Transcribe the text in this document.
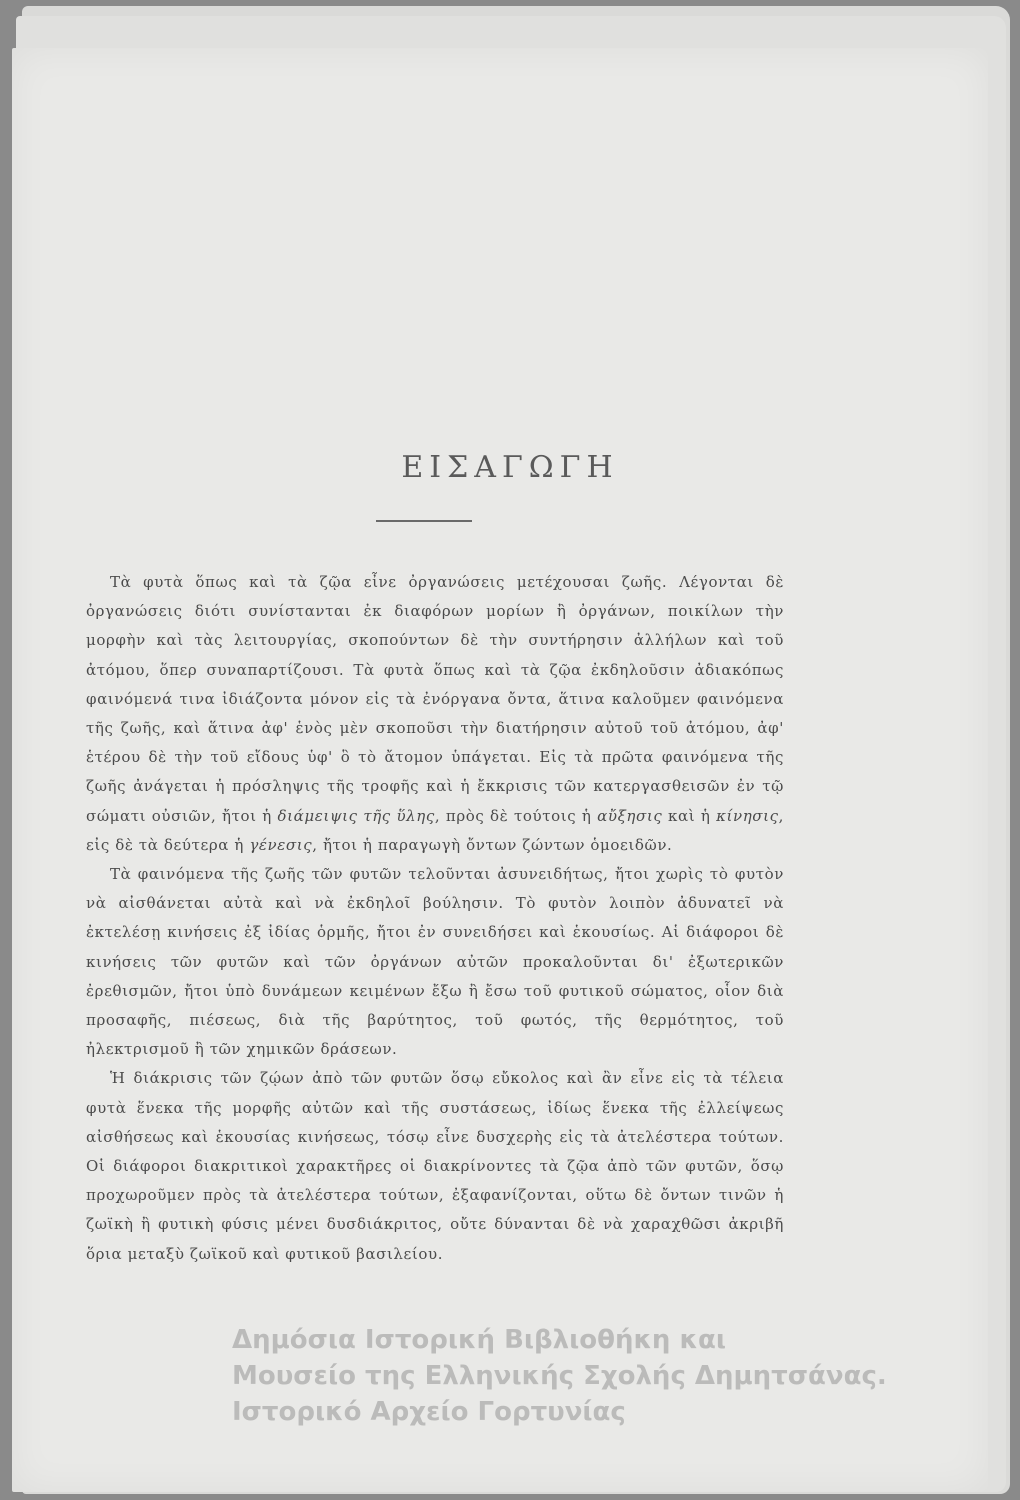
ΕΙΣΑΓΩΓΗ

Τὰ φυτὰ ὅπως καὶ τὰ ζῷα εἶνε ὀργανώσεις μετέχουσαι ζωῆς. Λέγονται δὲ ὀργανώσεις διότι συνίστανται ἐκ διαφόρων μορίων ἢ ὀργάνων, ποικίλων τὴν μορφὴν καὶ τὰς λειτουργίας, σκοπούντων δὲ τὴν συντήρησιν ἀλλήλων καὶ τοῦ ἀτόμου, ὅπερ συναπαρτίζουσι. Τὰ φυτὰ ὅπως καὶ τὰ ζῷα ἐκδηλοῦσιν ἀδιακόπως φαινόμενά τινα ἰδιάζοντα μόνον εἰς τὰ ἐνόργανα ὄντα, ἅτινα καλοῦμεν φαινόμενα τῆς ζωῆς, καὶ ἅτινα ἀφ' ἑνὸς μὲν σκοποῦσι τὴν διατήρησιν αὐτοῦ τοῦ ἀτόμου, ἀφ' ἑτέρου δὲ τὴν τοῦ εἴδους ὑφ' ὃ τὸ ἄτομον ὑπάγεται. Εἰς τὰ πρῶτα φαινόμενα τῆς ζωῆς ἀνάγεται ἡ πρόσληψις τῆς τροφῆς καὶ ἡ ἔκκρισις τῶν κατεργασθεισῶν ἐν τῷ σώματι οὐσιῶν, ἤτοι ἡ διάμειψις τῆς ὕλης, πρὸς δὲ τούτοις ἡ αὔξησις καὶ ἡ κίνησις, εἰς δὲ τὰ δεύτερα ἡ γένεσις, ἤτοι ἡ παραγωγὴ ὄντων ζώντων ὁμοειδῶν.

Τὰ φαινόμενα τῆς ζωῆς τῶν φυτῶν τελοῦνται ἀσυνειδήτως, ἤτοι χωρὶς τὸ φυτὸν νὰ αἰσθάνεται αὐτὰ καὶ νὰ ἐκδηλοῖ βούλησιν. Τὸ φυτὸν λοιπὸν ἀδυνατεῖ νὰ ἐκτελέσῃ κινήσεις ἐξ ἰδίας ὁρμῆς, ἤτοι ἐν συνειδήσει καὶ ἑκουσίως. Αἱ διάφοροι δὲ κινήσεις τῶν φυτῶν καὶ τῶν ὀργάνων αὐτῶν προκαλοῦνται δι' ἐξωτερικῶν ἐρεθισμῶν, ἤτοι ὑπὸ δυνάμεων κειμένων ἔξω ἢ ἔσω τοῦ φυτικοῦ σώματος, οἷον διὰ προσαφῆς, πιέσεως, διὰ τῆς βαρύτητος, τοῦ φωτός, τῆς θερμότητος, τοῦ ἠλεκτρισμοῦ ἢ τῶν χημικῶν δράσεων.

Ἡ διάκρισις τῶν ζῴων ἀπὸ τῶν φυτῶν ὅσῳ εὔκολος καὶ ἂν εἶνε εἰς τὰ τέλεια φυτὰ ἕνεκα τῆς μορφῆς αὐτῶν καὶ τῆς συστάσεως, ἰδίως ἕνεκα τῆς ἐλλείψεως αἰσθήσεως καὶ ἑκουσίας κινήσεως, τόσῳ εἶνε δυσχερὴς εἰς τὰ ἀτελέστερα τούτων. Οἱ διάφοροι διακριτικοὶ χαρακτῆρες οἱ διακρίνοντες τὰ ζῷα ἀπὸ τῶν φυτῶν, ὅσῳ προχωροῦμεν πρὸς τὰ ἀτελέστερα τούτων, ἐξαφανίζονται, οὕτω δὲ ὄντων τινῶν ἡ ζωϊκὴ ἢ φυτικὴ φύσις μένει δυσδιάκριτος, οὔτε δύνανται δὲ νὰ χαραχθῶσι ἀκριβῆ ὅρια μεταξὺ ζωϊκοῦ καὶ φυτικοῦ βασιλείου.

Δημόσια Ιστορική Βιβλιοθήκη και
Μουσείο της Ελληνικής Σχολής Δημητσάνας.
Ιστορικό Αρχείο Γορτυνίας
